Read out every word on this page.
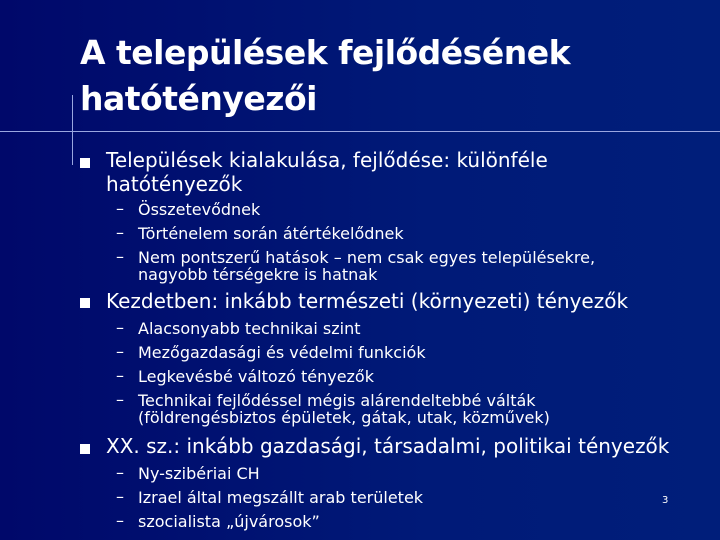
A települések fejlődésének
hatótényezői
Települések kialakulása, fejlődése: különféle
hatótényezők
– Összetevődnek
– Történelem során átértékelődnek
– Nem pontszerű hatások – nem csak egyes településekre,
nagyobb térségekre is hatnak
Kezdetben: inkább természeti (környezeti) tényezők
– Alacsonyabb technikai szint
– Mezőgazdasági és védelmi funkciók
– Legkevésbé változó tényezők
– Technikai fejlődéssel mégis alárendeltebbé válták
(földrengésbiztos épületek, gátak, utak, közművek)
XX. sz.: inkább gazdasági, társadalmi, politikai tényezők
– Ny-szibériai CH
– Izrael által megszállt arab területek
– szocialista „újvárosok”
3
